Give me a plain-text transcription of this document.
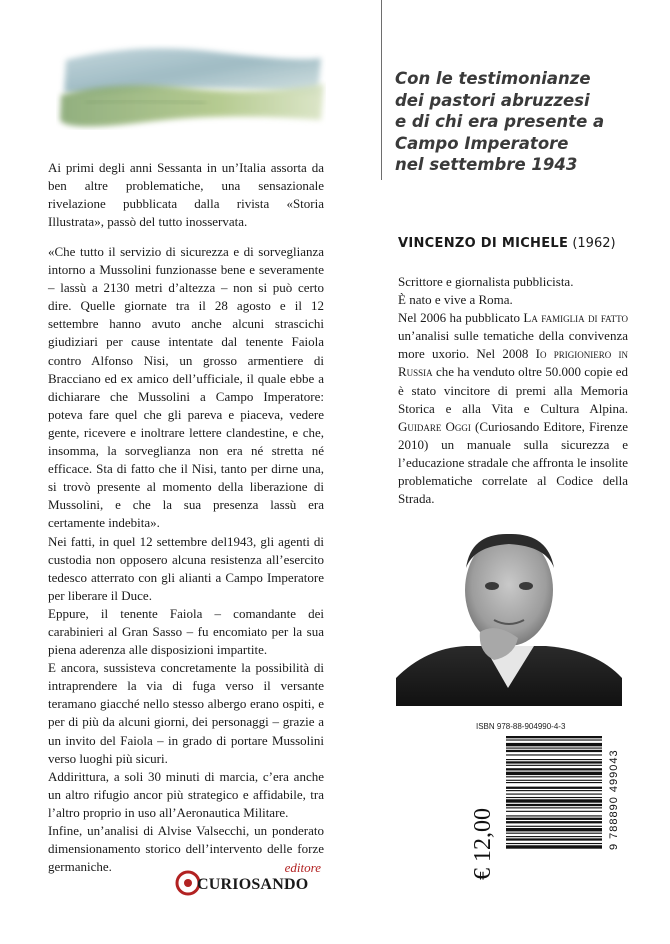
Ai primi degli anni Sessanta in un’Italia assorta da ben altre problematiche, una sensazionale rivelazione pubblicata dalla rivista «Storia Illustrata», passò del tutto inosservata.

«Che tutto il servizio di sicurezza e di sorveglianza intorno a Mussolini funzionasse bene e severamente – lassù a 2130 metri d’altezza – non si può certo dire. Quelle giornate tra il 28 agosto e il 12 settembre hanno avuto anche alcuni strascichi giudiziari per cause intentate dal tenente Faiola contro Alfonso Nisi, un grosso armentiere di Bracciano ed ex amico dell’ufficiale, il quale ebbe a dichiarare che Mussolini a Campo Imperatore: poteva fare quel che gli pareva e piaceva, vedere gente, ricevere e inoltrare lettere clandestine, e che, insomma, la sorveglianza non era né stretta né efficace. Sta di fatto che il Nisi, tanto per dirne una, si trovò presente al momento della liberazione di Mussolini, e che la sua presenza lassù era certamente indebita».

Nei fatti, in quel 12 settembre del1943, gli agenti di custodia non opposero alcuna resistenza all’esercito tedesco atterrato con gli alianti a Campo Imperatore per liberare il Duce.

Eppure, il tenente Faiola – comandante dei carabinieri al Gran Sasso – fu encomiato per la sua piena aderenza alle disposizioni impartite.

E ancora, sussisteva concretamente la possibilità di intraprendere la via di fuga verso il versante teramano giacché nello stesso albergo erano ospiti, e per di più da alcuni giorni, dei personaggi – grazie a un invito del Faiola – in grado di portare Mussolini verso luoghi più sicuri.

Addirittura, a soli 30 minuti di marcia, c’era anche un altro rifugio ancor più strategico e affidabile, tra l’altro proprio in uso all’Aeronautica Militare.

Infine, un’analisi di Alvise Valsecchi, un ponderato dimensionamento storico dell’intervento delle forze germaniche.

Con le testimonianze
dei pastori abruzzesi
e di chi era presente a
Campo Imperatore
nel settembre 1943
VINCENZO DI MICHELE (1962)

Scrittore e giornalista pubblicista.

È nato e vive a Roma.

Nel 2006 ha pubblicato La famiglia di fatto un’analisi sulle tematiche della convivenza more uxorio. Nel 2008 Io prigioniero in Russia che ha venduto oltre 50.000 copie ed è stato vincitore di premi alla Memoria Storica e alla Vita e Cultura Alpina. Guidare Oggi (Curiosando Editore, Firenze 2010) un manuale sulla sicurezza e l’educazione stradale che affronta le insolite problematiche correlate al Codice della Strada.

editore
CURIOSANDO
ISBN 978-88-904990-4-3
9 788890 499043
€ 12,00
